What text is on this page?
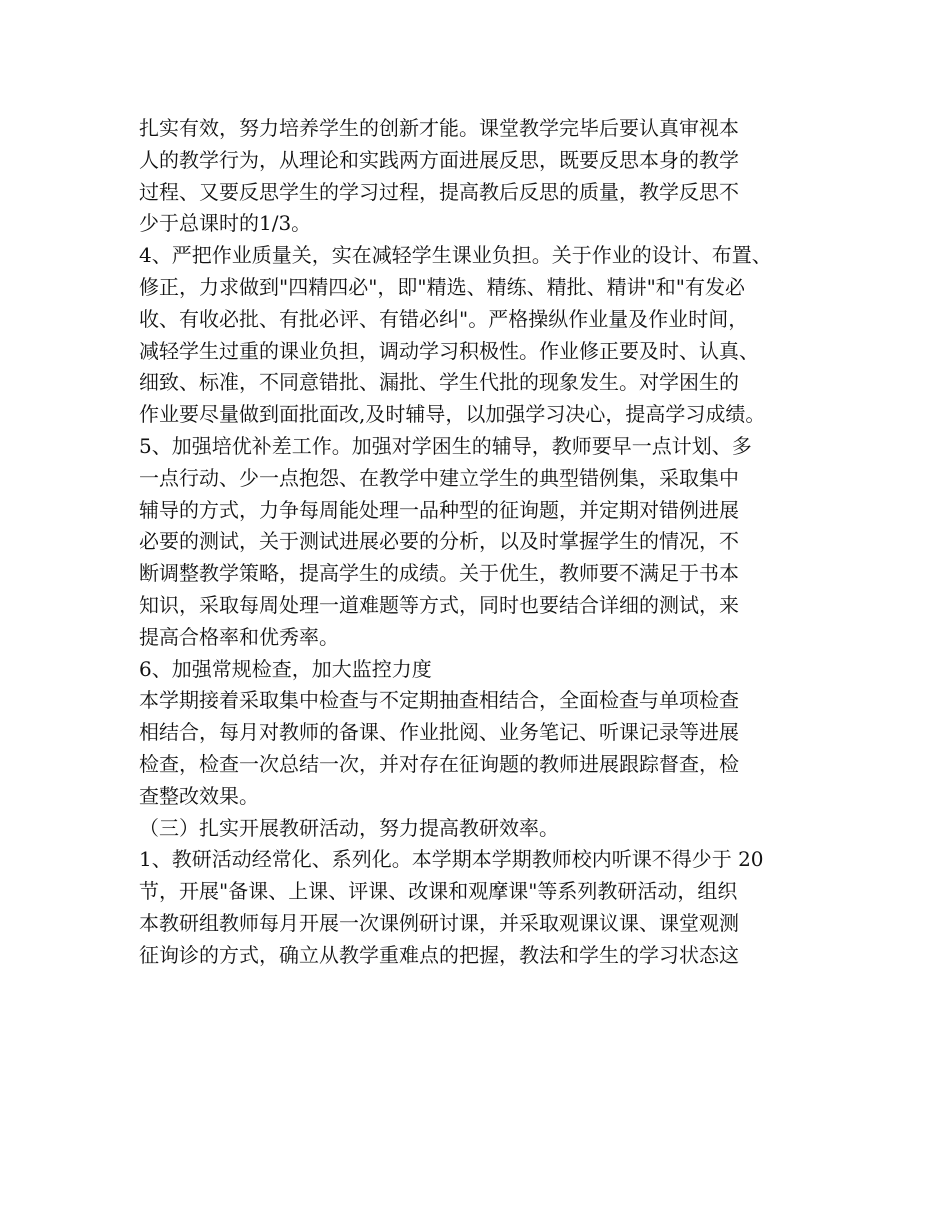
扎实有效，努力培养学生的创新才能。课堂教学完毕后要认真审视本
人的教学行为，从理论和实践两方面进展反思，既要反思本身的教学
过程、又要反思学生的学习过程，提高教后反思的质量，教学反思不
少于总课时的1/3。
4、严把作业质量关，实在减轻学生课业负担。关于作业的设计、布置、
修正，力求做到"四精四必"，即"精选、精练、精批、精讲"和"有发必
收、有收必批、有批必评、有错必纠"。严格操纵作业量及作业时间，
减轻学生过重的课业负担，调动学习积极性。作业修正要及时、认真、
细致、标准，不同意错批、漏批、学生代批的现象发生。对学困生的
作业要尽量做到面批面改,及时辅导，以加强学习决心，提高学习成绩。
5、加强培优补差工作。加强对学困生的辅导，教师要早一点计划、多
一点行动、少一点抱怨、在教学中建立学生的典型错例集，采取集中
辅导的方式，力争每周能处理一品种型的征询题，并定期对错例进展
必要的测试，关于测试进展必要的分析，以及时掌握学生的情况，不
断调整教学策略，提高学生的成绩。关于优生，教师要不满足于书本
知识，采取每周处理一道难题等方式，同时也要结合详细的测试，来
提高合格率和优秀率。
6、加强常规检查，加大监控力度
本学期接着采取集中检查与不定期抽查相结合，全面检查与单项检查
相结合，每月对教师的备课、作业批阅、业务笔记、听课记录等进展
检查，检查一次总结一次，并对存在征询题的教师进展跟踪督查，检
查整改效果。
（三）扎实开展教研活动，努力提高教研效率。
1、教研活动经常化、系列化。本学期本学期教师校内听课不得少于 20
节，开展"备课、上课、评课、改课和观摩课"等系列教研活动，组织
本教研组教师每月开展一次课例研讨课，并采取观课议课、课堂观测
征询诊的方式，确立从教学重难点的把握，教法和学生的学习状态这
